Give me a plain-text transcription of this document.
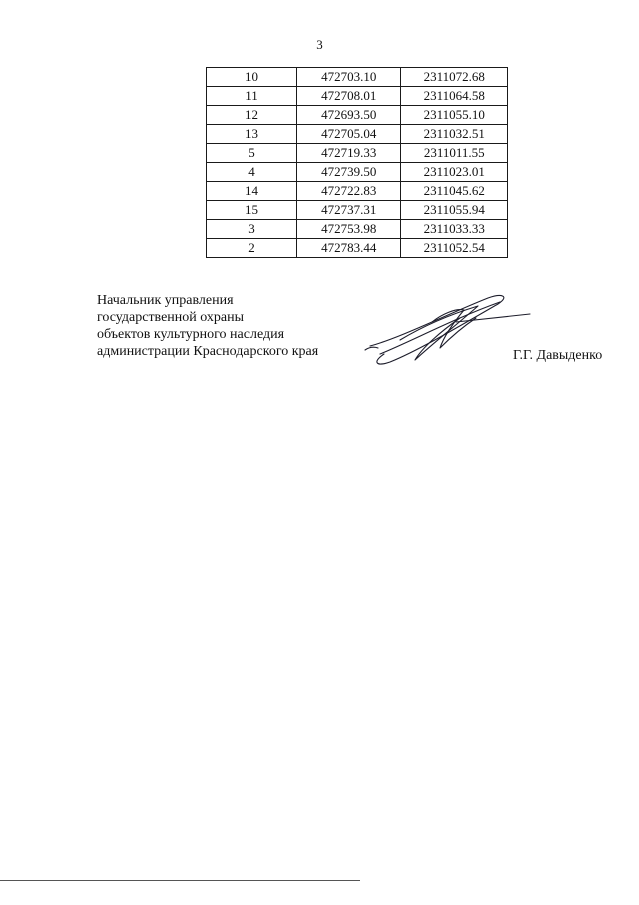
3
10	472703.10	2311072.68
11	472708.01	2311064.58
12	472693.50	2311055.10
13	472705.04	2311032.51
5	472719.33	2311011.55
4	472739.50	2311023.01
14	472722.83	2311045.62
15	472737.31	2311055.94
3	472753.98	2311033.33
2	472783.44	2311052.54
Начальник управления
государственной охраны
объектов культурного наследия
администрации Краснодарского края	Г.Г. Давыденко
